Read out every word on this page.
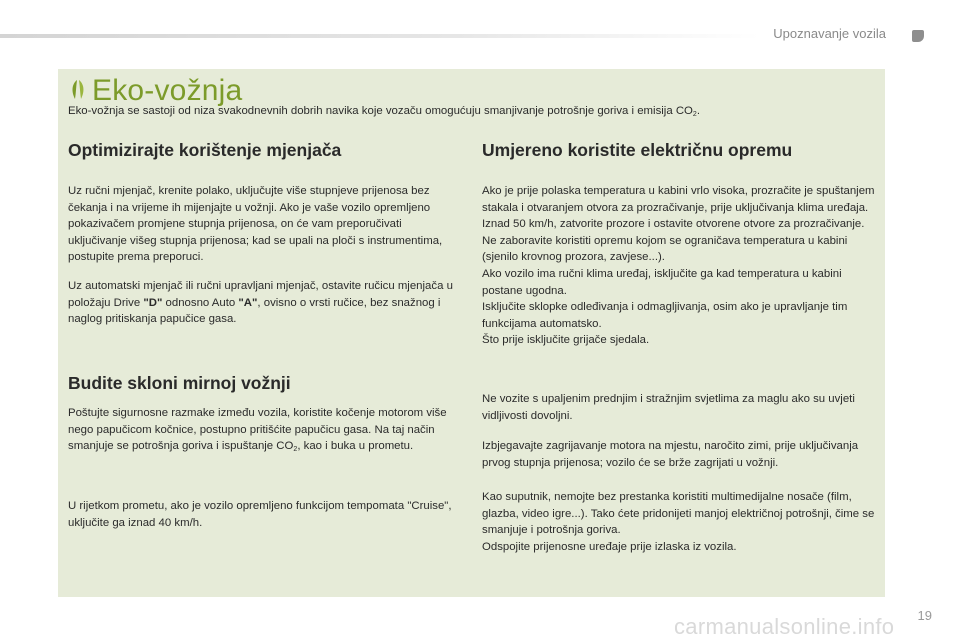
Upoznavanje vozila
Eko-vožnja
Eko-vožnja se sastoji od niza svakodnevnih dobrih navika koje vozaču omogućuju smanjivanje potrošnje goriva i emisija $CO_2$.
Optimizirajte korištenje mjenjača

Uz ručni mjenjač, krenite polako, uključujte više stupnjeve prijenosa bez čekanja i na vrijeme ih mijenjajte u vožnji. Ako je vaše vozilo opremljeno pokazivačem promjene stupnja prijenosa, on će vam preporučivati uključivanje višeg stupnja prijenosa; kad se upali na ploči s instrumentima, postupite prema preporuci.

Uz automatski mjenjač ili ručni upravljani mjenjač, ostavite ručicu mjenjača u položaju Drive "D" odnosno Auto "A", ovisno o vrsti ručice, bez snažnog i naglog pritiskanja papučice gasa.

Budite skloni mirnoj vožnji

Poštujte sigurnosne razmake između vozila, koristite kočenje motorom više nego papučicom kočnice, postupno pritišćite papučicu gasa. Na taj način smanjuje se potrošnja goriva i ispuštanje $CO_2$, kao i buka u prometu.

U rijetkom prometu, ako je vozilo opremljeno funkcijom tempomata "Cruise", uključite ga iznad 40 km/h.

Umjereno koristite električnu opremu

Ako je prije polaska temperatura u kabini vrlo visoka, prozračite je spuštanjem stakala i otvaranjem otvora za prozračivanje, prije uključivanja klima uređaja.
Iznad 50 km/h, zatvorite prozore i ostavite otvorene otvore za prozračivanje.
Ne zaboravite koristiti opremu kojom se ograničava temperatura u kabini (sjenilo krovnog prozora, zavjese...).
Ako vozilo ima ručni klima uređaj, isključite ga kad temperatura u kabini postane ugodna.
Isključite sklopke odleđivanja i odmagljivanja, osim ako je upravljanje tim funkcijama automatsko.
Što prije isključite grijače sjedala.

Ne vozite s upaljenim prednjim i stražnjim svjetlima za maglu ako su uvjeti vidljivosti dovoljni.

Izbjegavajte zagrijavanje motora na mjestu, naročito zimi, prije uključivanja prvog stupnja prijenosa; vozilo će se brže zagrijati u vožnji.

Kao suputnik, nemojte bez prestanka koristiti multimedijalne nosače (film, glazba, video igre...). Tako ćete pridonijeti manjoj električnoj potrošnji, čime se smanjuje i potrošnja goriva.
Odspojite prijenosne uređaje prije izlaska iz vozila.

19
carmanualsonline.info
